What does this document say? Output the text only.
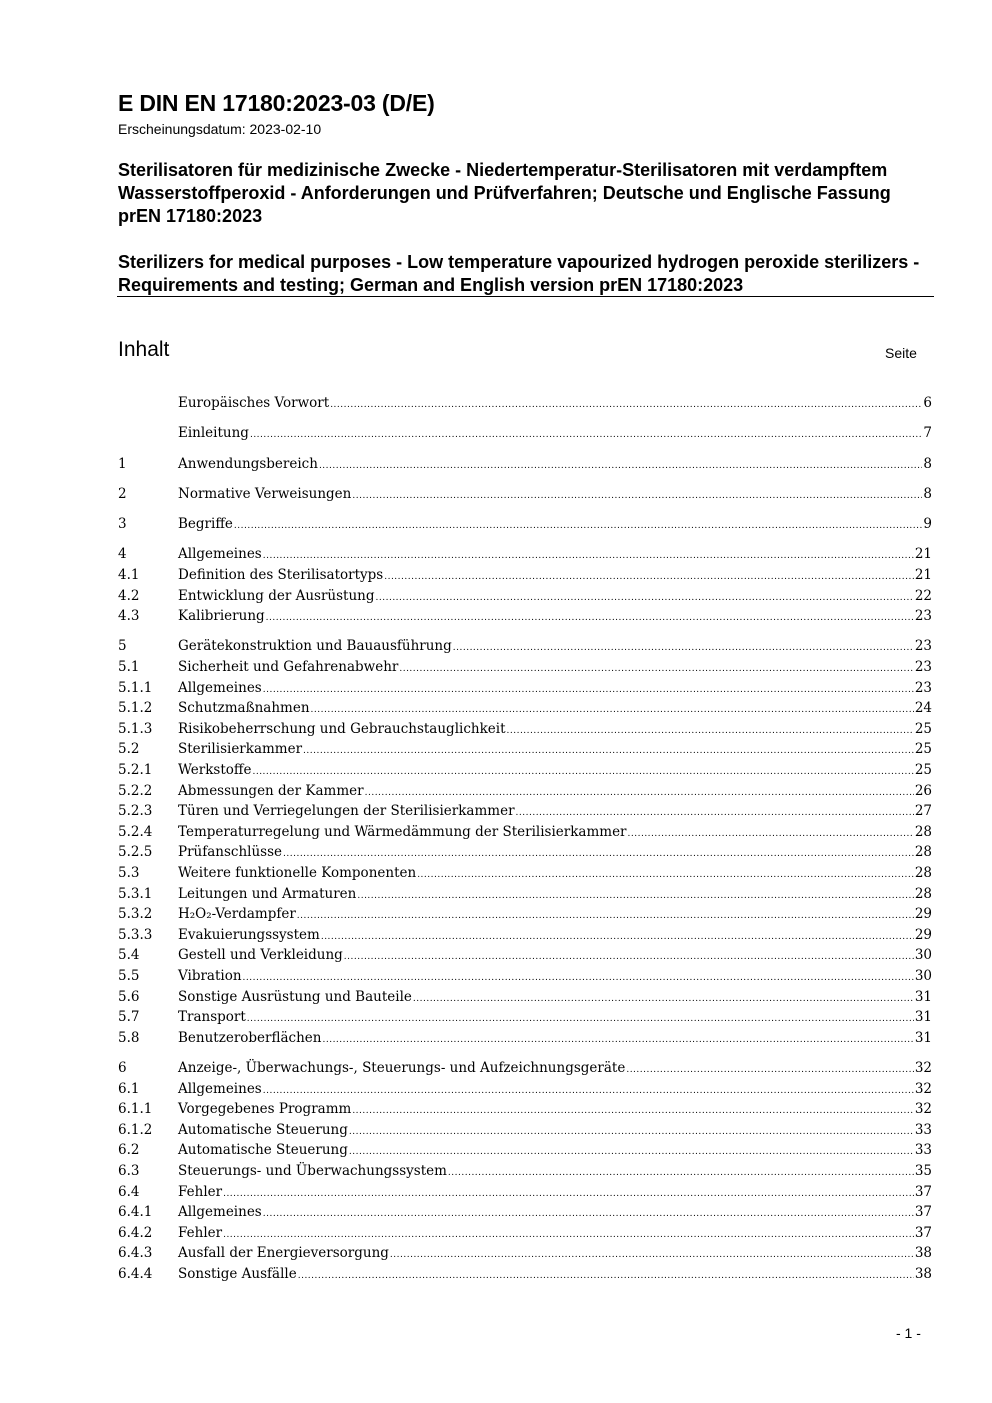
E DIN EN 17180:2023-03 (D/E)
Erscheinungsdatum: 2023-02-10
Sterilisatoren für medizinische Zwecke - Niedertemperatur-Sterilisatoren mit verdampftem Wasserstoffperoxid - Anforderungen und Prüfverfahren; Deutsche und Englische Fassung prEN 17180:2023
Sterilizers for medical purposes - Low temperature vapourized hydrogen peroxide sterilizers - Requirements and testing; German and English version prEN 17180:2023
Inhalt	Seite
Europäisches Vorwort .....	6
Einleitung .....	7
1	Anwendungsbereich .....	8
2	Normative Verweisungen .....	8
3	Begriffe .....	9
4	Allgemeines .....	21
4.1	Definition des Sterilisatortyps .....	21
4.2	Entwicklung der Ausrüstung .....	22
4.3	Kalibrierung .....	23
5	Gerätekonstruktion und Bauausführung .....	23
5.1	Sicherheit und Gefahrenabwehr .....	23
5.1.1	Allgemeines .....	23
5.1.2	Schutzmaßnahmen .....	24
5.1.3	Risikobeherrschung und Gebrauchstauglichkeit .....	25
5.2	Sterilisierkammer .....	25
5.2.1	Werkstoffe .....	25
5.2.2	Abmessungen der Kammer .....	26
5.2.3	Türen und Verriegelungen der Sterilisierkammer .....	27
5.2.4	Temperaturregelung und Wärmedämmung der Sterilisierkammer .....	28
5.2.5	Prüfanschlüsse .....	28
5.3	Weitere funktionelle Komponenten .....	28
5.3.1	Leitungen und Armaturen .....	28
5.3.2	H₂O₂-Verdampfer .....	29
5.3.3	Evakuierungssystem .....	29
5.4	Gestell und Verkleidung .....	30
5.5	Vibration .....	30
5.6	Sonstige Ausrüstung und Bauteile .....	31
5.7	Transport .....	31
5.8	Benutzeroberflächen .....	31
6	Anzeige-, Überwachungs-, Steuerungs- und Aufzeichnungsgeräte .....	32
6.1	Allgemeines .....	32
6.1.1	Vorgegebenes Programm .....	32
6.1.2	Automatische Steuerung .....	33
6.2	Automatische Steuerung .....	33
6.3	Steuerungs- und Überwachungssystem .....	35
6.4	Fehler .....	37
6.4.1	Allgemeines .....	37
6.4.2	Fehler .....	37
6.4.3	Ausfall der Energieversorgung .....	38
6.4.4	Sonstige Ausfälle .....	38
- 1 -
